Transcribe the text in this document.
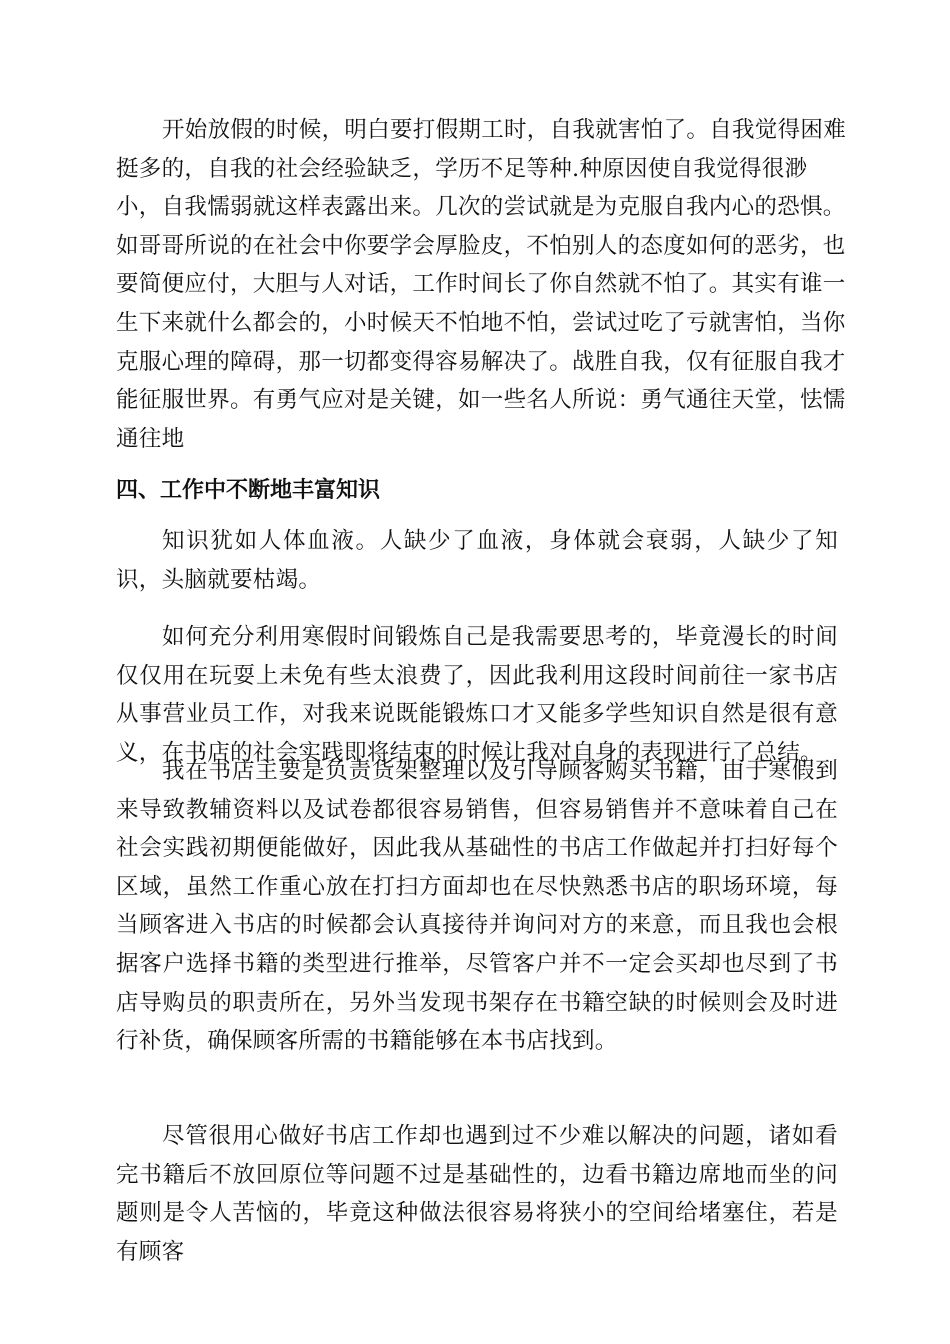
开始放假的时候，明白要打假期工时，自我就害怕了。自我觉得困难
挺多的，自我的社会经验缺乏，学历不足等种.种原因使自我觉得很渺
小，自我懦弱就这样表露出来。几次的尝试就是为克服自我内心的恐惧。
如哥哥所说的在社会中你要学会厚脸皮，不怕别人的态度如何的恶劣，也
要简便应付，大胆与人对话，工作时间长了你自然就不怕了。其实有谁一
生下来就什么都会的，小时候天不怕地不怕，尝试过吃了亏就害怕，当你
克服心理的障碍，那一切都变得容易解决了。战胜自我，仅有征服自我才
能征服世界。有勇气应对是关键，如一些名人所说：勇气通往天堂，怯懦
通往地
四、工作中不断地丰富知识

知识犹如人体血液。人缺少了血液，身体就会衰弱，人缺少了知识，头脑就要枯竭。

如何充分利用寒假时间锻炼自己是我需要思考的，毕竟漫长的时间仅仅用在玩耍上未免有些太浪费了，因此我利用这段时间前往一家书店从事营业员工作，对我来说既能锻炼口才又能多学些知识自然是很有意义，在书店的社会实践即将结束的时候让我对自身的表现进行了总结。

我在书店主要是负责货架整理以及引导顾客购买书籍，由于寒假到来导致教辅资料以及试卷都很容易销售，但容易销售并不意味着自己在社会实践初期便能做好，因此我从基础性的书店工作做起并打扫好每个区域，虽然工作重心放在打扫方面却也在尽快熟悉书店的职场环境，每当顾客进入书店的时候都会认真接待并询问对方的来意，而且我也会根据客户选择书籍的类型进行推举，尽管客户并不一定会买却也尽到了书店导购员的职责所在，另外当发现书架存在书籍空缺的时候则会及时进行补货，确保顾客所需的书籍能够在本书店找到。

尽管很用心做好书店工作却也遇到过不少难以解决的问题，诸如看完书籍后不放回原位等问题不过是基础性的，边看书籍边席地而坐的问题则是令人苦恼的，毕竟这种做法很容易将狭小的空间给堵塞住，若是有顾客
